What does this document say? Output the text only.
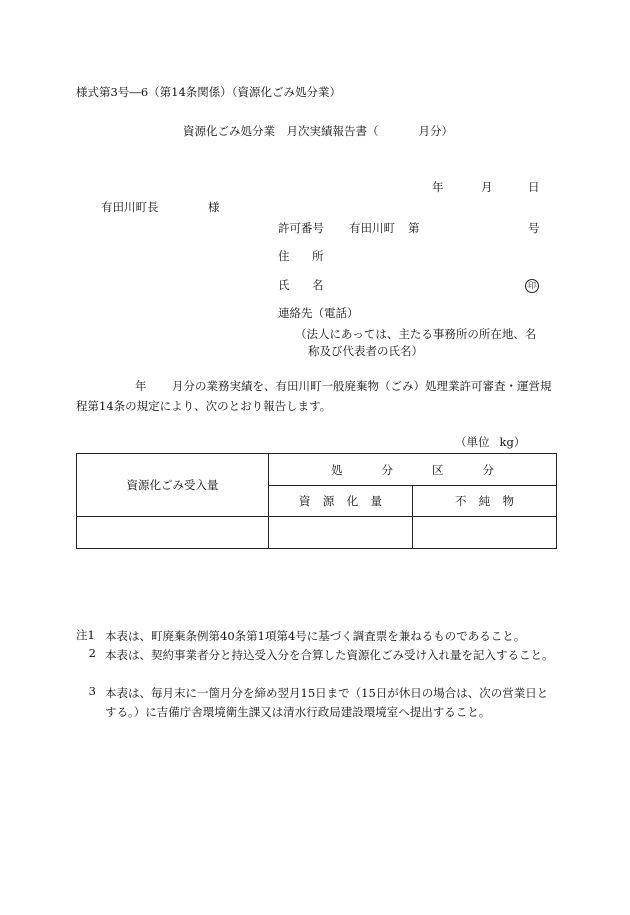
様式第3号―6（第14条関係）（資源化ごみ処分業）
資源化ごみ処分業　月次実績報告書（	月分）
年	月	日
有田川町長	様
許可番号 有田川町 第	号
住 所
氏 名	印
連絡先（電話）
（法人にあっては、主たる事務所の所在地、名
称及び代表者の氏名）
年 月分の業務実績を、有田川町一般廃棄物（ごみ）処理業許可審査・運営規
程第14条の規定により、次のとおり報告します。
（単位 kg）
資源化ごみ受入量	処 分 区 分	

	資 源 化 量	不 純 物

注1 本表は、町廃棄条例第40条第1項第4号に基づく調査票を兼ねるものであること。
2 本表は、契約事業者分と持込受入分を合算した資源化ごみ受け入れ量を記入すること。
3 本表は、毎月末に一箇月分を締め翌月15日まで（15日が休日の場合は、次の営業日とする。）に吉備庁舎環境衛生課又は清水行政局建設環境室へ提出すること。
